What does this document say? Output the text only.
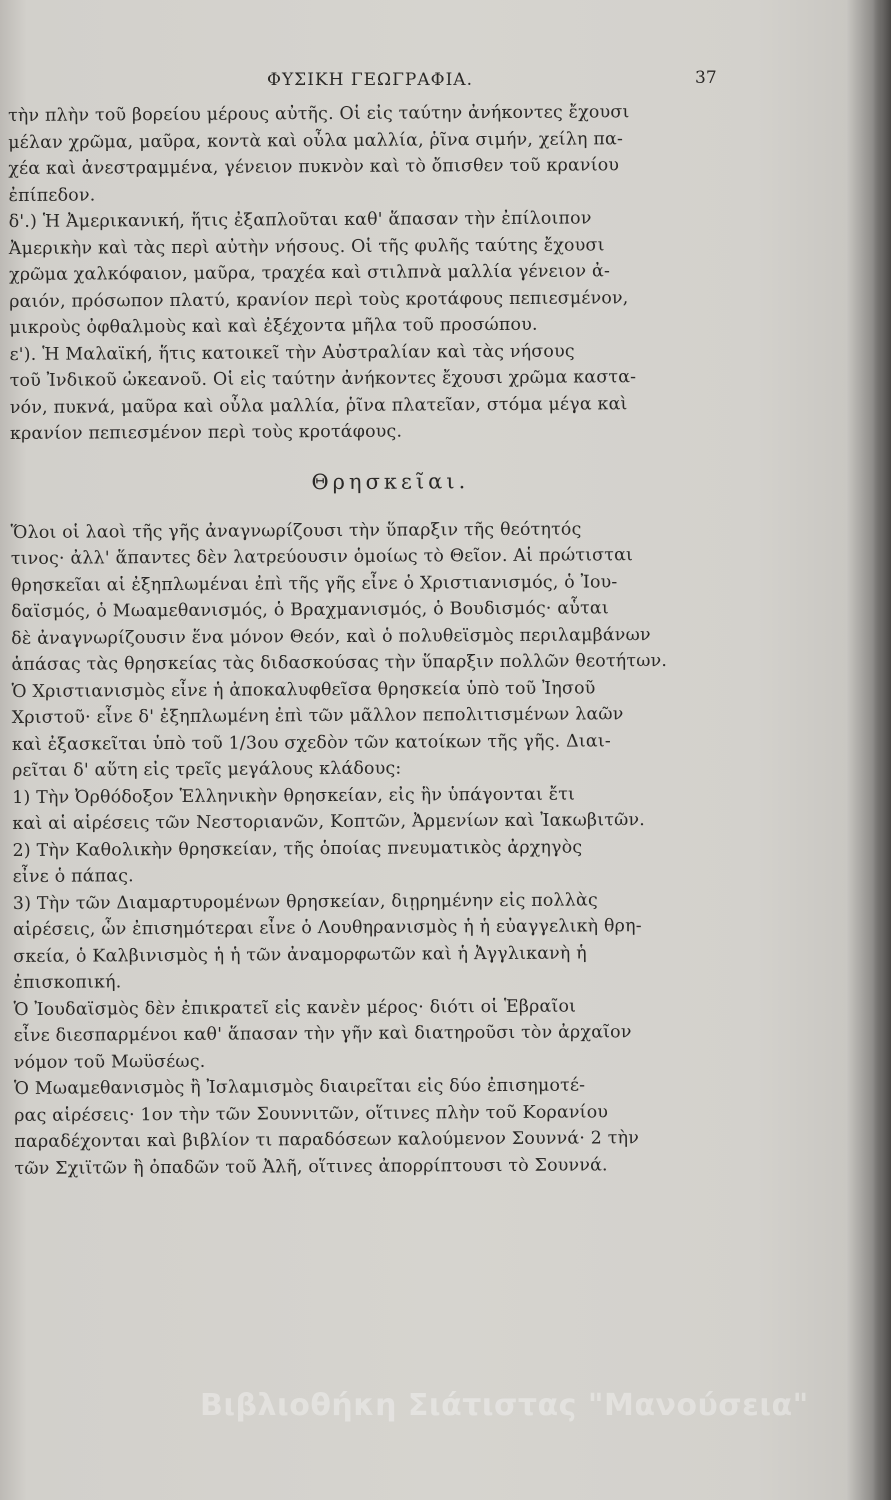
ΦΥΣΙΚΗ ΓΕΩΓΡΑΦΙΑ.	37
τὴν πλὴν τοῦ βορείου μέρους αὐτῆς. Οἱ εἰς ταύτην ἀνήκοντες ἔχουσι
μέλαν χρῶμα, μαῦρα, κοντὰ καὶ οὖλα μαλλία, ῥῖνα σιμήν, χείλη πα-
χέα καὶ ἀνεστραμμένα, γένειον πυκνὸν καὶ τὸ ὄπισθεν τοῦ κρανίου
ἐπίπεδον.
δ'.) Ἡ Ἀμερικανική, ἥτις ἐξαπλοῦται καθ' ἅπασαν τὴν ἐπίλοιπον
Ἀμερικὴν καὶ τὰς περὶ αὐτὴν νήσους. Οἱ τῆς φυλῆς ταύτης ἔχουσι
χρῶμα χαλκόφαιον, μαῦρα, τραχέα καὶ στιλπνὰ μαλλία γένειον ἀ-
ραιόν, πρόσωπον πλατύ, κρανίον περὶ τοὺς κροτάφους πεπιεσμένον,
μικροὺς ὀφθαλμοὺς καὶ καὶ ἐξέχοντα μῆλα τοῦ προσώπου.
ε'). Ἡ Μαλαϊκή, ἥτις κατοικεῖ τὴν Αὐστραλίαν καὶ τὰς νήσους
τοῦ Ἰνδικοῦ ὠκεανοῦ. Οἱ εἰς ταύτην ἀνήκοντες ἔχουσι χρῶμα καστα-
νόν, πυκνά, μαῦρα καὶ οὖλα μαλλία, ῥῖνα πλατεῖαν, στόμα μέγα καὶ
κρανίον πεπιεσμένον περὶ τοὺς κροτάφους.
Θρησκεῖαι.
Ὅλοι οἱ λαοὶ τῆς γῆς ἀναγνωρίζουσι τὴν ὕπαρξιν τῆς θεότητός
τινος· ἀλλ' ἅπαντες δὲν λατρεύουσιν ὁμοίως τὸ Θεῖον. Αἱ πρώτισται
θρησκεῖαι αἱ ἐξηπλωμέναι ἐπὶ τῆς γῆς εἶνε ὁ Χριστιανισμός, ὁ Ἰου-
δαϊσμός, ὁ Μωαμεθανισμός, ὁ Βραχμανισμός, ὁ Βουδισμός· αὗται
δὲ ἀναγνωρίζουσιν ἕνα μόνον Θεόν, καὶ ὁ πολυθεϊσμὸς περιλαμβάνων
ἁπάσας τὰς θρησκείας τὰς διδασκούσας τὴν ὕπαρξιν πολλῶν θεοτήτων.
Ὁ Χριστιανισμὸς εἶνε ἡ ἀποκαλυφθεῖσα θρησκεία ὑπὸ τοῦ Ἰησοῦ
Χριστοῦ· εἶνε δ' ἐξηπλωμένη ἐπὶ τῶν μᾶλλον πεπολιτισμένων λαῶν
καὶ ἐξασκεῖται ὑπὸ τοῦ 1/3ου σχεδὸν τῶν κατοίκων τῆς γῆς. Διαι-
ρεῖται δ' αὕτη εἰς τρεῖς μεγάλους κλάδους:
1) Τὴν Ὀρθόδοξον Ἑλληνικὴν θρησκείαν, εἰς ἣν ὑπάγονται ἔτι
καὶ αἱ αἱρέσεις τῶν Νεστοριανῶν, Κοπτῶν, Ἀρμενίων καὶ Ἰακωβιτῶν.
2) Τὴν Καθολικὴν θρησκείαν, τῆς ὁποίας πνευματικὸς ἀρχηγὸς
εἶνε ὁ πάπας.
3) Τὴν τῶν Διαμαρτυρομένων θρησκείαν, διῃρημένην εἰς πολλὰς
αἱρέσεις, ὧν ἐπισημότεραι εἶνε ὁ Λουθηρανισμὸς ἡ ἡ εὐαγγελικὴ θρη-
σκεία, ὁ Καλβινισμὸς ἡ ἡ τῶν ἀναμορφωτῶν καὶ ἡ Ἀγγλικανὴ ἡ
ἐπισκοπική.
Ὁ Ἰουδαϊσμὸς δὲν ἐπικρατεῖ εἰς κανὲν μέρος· διότι οἱ Ἑβραῖοι
εἶνε διεσπαρμένοι καθ' ἅπασαν τὴν γῆν καὶ διατηροῦσι τὸν ἀρχαῖον
νόμον τοῦ Μωϋσέως.
Ὁ Μωαμεθανισμὸς ἢ Ἰσλαμισμὸς διαιρεῖται εἰς δύο ἐπισημοτέ-
ρας αἱρέσεις· 1ον τὴν τῶν Σουννιτῶν, οἵτινες πλὴν τοῦ Κορανίου
παραδέχονται καὶ βιβλίον τι παραδόσεων καλούμενον Σουννά· 2 τὴν
τῶν Σχιϊτῶν ἢ ὀπαδῶν τοῦ Ἀλῆ, οἵτινες ἀπορρίπτουσι τὸ Σουννά.
Βιβλιοθήκη Σιάτιστας "Μανούσεια"
